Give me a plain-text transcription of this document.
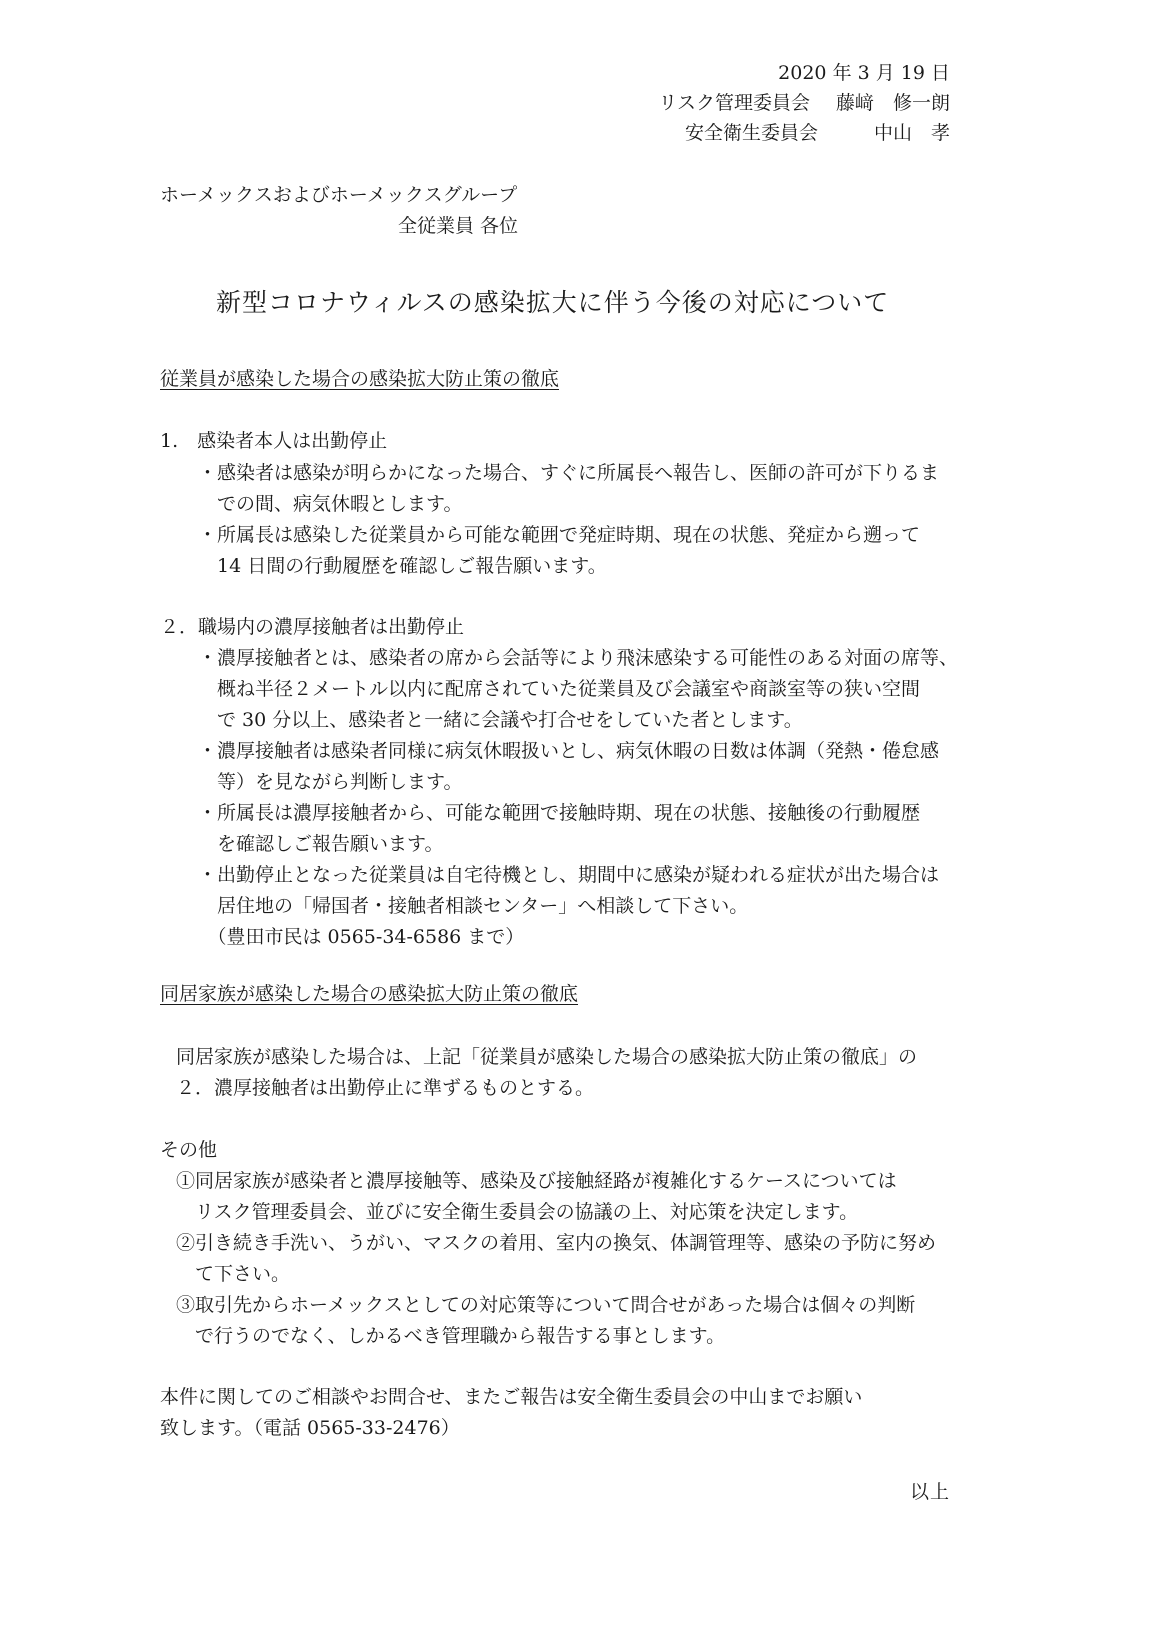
2020 年 3 月 19 日
リスク管理委員会 藤﨑　修一朗
安全衛生委員会	中山　孝
ホーメックスおよびホーメックスグループ
全従業員 各位
新型コロナウィルスの感染拡大に伴う今後の対応について
従業員が感染した場合の感染拡大防止策の徹底
1.　感染者本人は出勤停止
・感染者は感染が明らかになった場合、すぐに所属長へ報告し、医師の許可が下りるま
　での間、病気休暇とします。
・所属長は感染した従業員から可能な範囲で発症時期、現在の状態、発症から遡って
　14 日間の行動履歴を確認しご報告願います。
２．職場内の濃厚接触者は出勤停止
・濃厚接触者とは、感染者の席から会話等により飛沫感染する可能性のある対面の席等、
　概ね半径２メートル以内に配席されていた従業員及び会議室や商談室等の狭い空間
　で 30 分以上、感染者と一緒に会議や打合せをしていた者とします。
・濃厚接触者は感染者同様に病気休暇扱いとし、病気休暇の日数は体調（発熱・倦怠感
　等）を見ながら判断します。
・所属長は濃厚接触者から、可能な範囲で接触時期、現在の状態、接触後の行動履歴
　を確認しご報告願います。
・出勤停止となった従業員は自宅待機とし、期間中に感染が疑われる症状が出た場合は
　居住地の「帰国者・接触者相談センター」へ相談して下さい。
　（豊田市民は 0565-34-6586 まで）
同居家族が感染した場合の感染拡大防止策の徹底
同居家族が感染した場合は、上記「従業員が感染した場合の感染拡大防止策の徹底」の
２．濃厚接触者は出勤停止に準ずるものとする。
その他
①同居家族が感染者と濃厚接触等、感染及び接触経路が複雑化するケースについては
　リスク管理委員会、並びに安全衛生委員会の協議の上、対応策を決定します。
②引き続き手洗い、うがい、マスクの着用、室内の換気、体調管理等、感染の予防に努め
　て下さい。
③取引先からホーメックスとしての対応策等について問合せがあった場合は個々の判断
　で行うのでなく、しかるべき管理職から報告する事とします。
本件に関してのご相談やお問合せ、またご報告は安全衛生委員会の中山までお願い
致します。（電話 0565-33-2476）
以上
